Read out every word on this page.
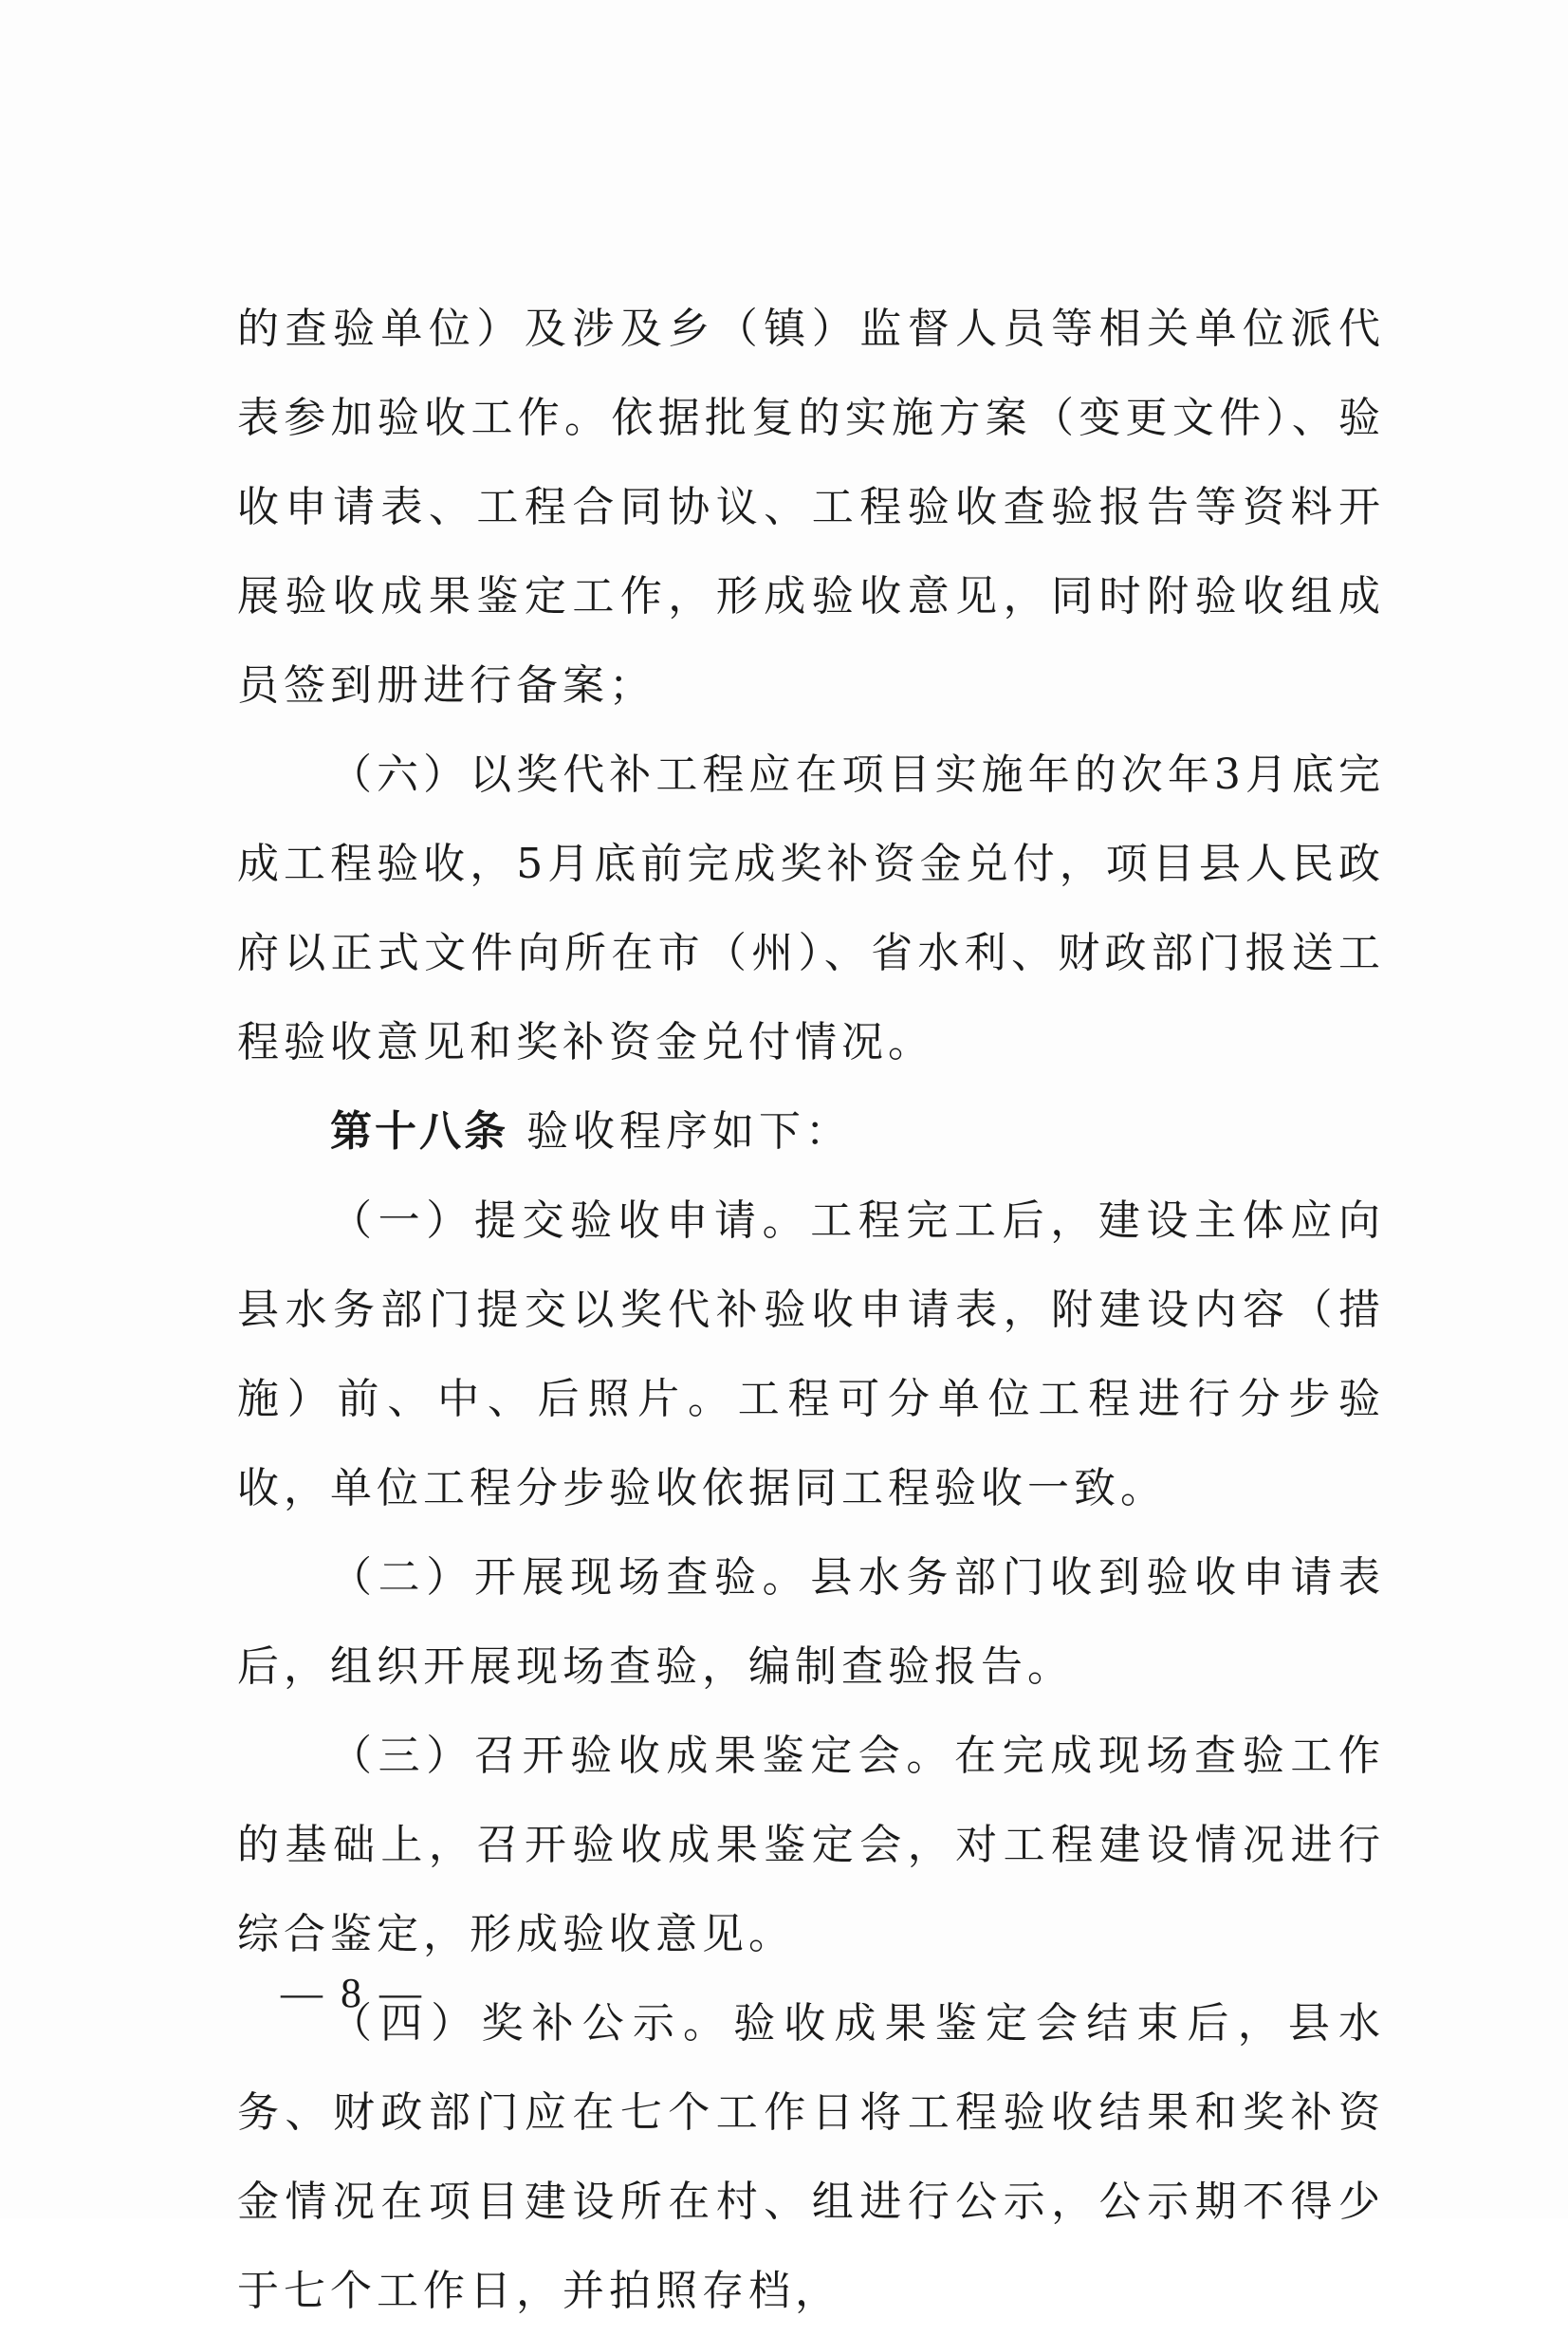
的查验单位）及涉及乡（镇）监督人员等相关单位派代表参加验收工作。依据批复的实施方案（变更文件）、验收申请表、工程合同协议、工程验收查验报告等资料开展验收成果鉴定工作，形成验收意见，同时附验收组成员签到册进行备案；

（六）以奖代补工程应在项目实施年的次年3月底完成工程验收，5月底前完成奖补资金兑付，项目县人民政府以正式文件向所在市（州）、省水利、财政部门报送工程验收意见和奖补资金兑付情况。

第十八条 验收程序如下：

（一）提交验收申请。工程完工后，建设主体应向县水务部门提交以奖代补验收申请表，附建设内容（措施）前、中、后照片。工程可分单位工程进行分步验收，单位工程分步验收依据同工程验收一致。

（二）开展现场查验。县水务部门收到验收申请表后，组织开展现场查验，编制查验报告。

（三）召开验收成果鉴定会。在完成现场查验工作的基础上，召开验收成果鉴定会，对工程建设情况进行综合鉴定，形成验收意见。

（四）奖补公示。验收成果鉴定会结束后，县水务、财政部门应在七个工作日将工程验收结果和奖补资金情况在项目建设所在村、组进行公示，公示期不得少于七个工作日，并拍照存档，

— 8 —
